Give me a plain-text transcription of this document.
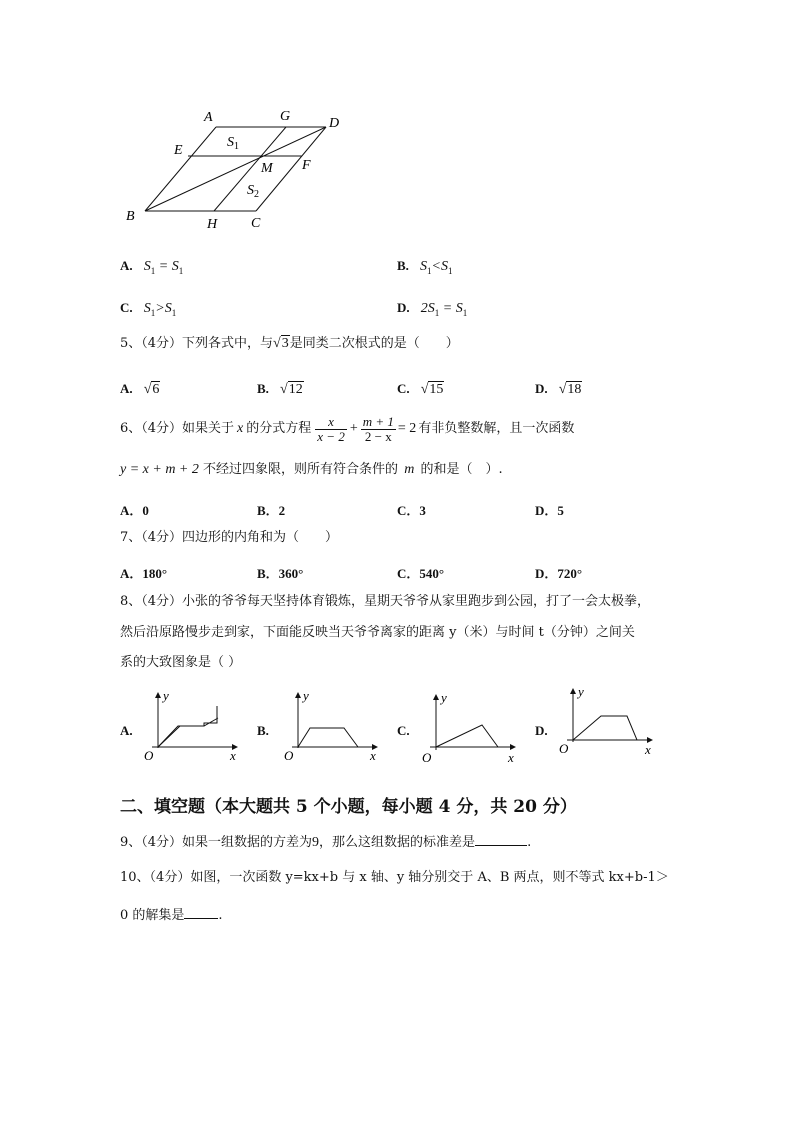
A	G	D
E
$S_1$
M F
$S_2$
B
H C
A. $S_1 = S_1$	B. $S_1<S_1$
C. $S_1>S_1$	D. $2S_1 = S_1$
5、（4分）下列各式中，与√3是同类二次根式的是（　　）
A. √6	B. √12	C. √15	D. √18
6、（4分）如果关于 x 的分式方程 $\frac{x}{x - 2} + \frac{m + 1}{2 - x} = 2$ 有非负整数解，且一次函数
y = x + m + 2 不经过四象限，则所有符合条件的 m 的和是（　）.
A．0	B．2	C．3	D．5
7、（4分）四边形的内角和为（　　）
A．180°	B．360°	C．540°	D．720°
8、（4分）小张的爷爷每天坚持体育锻炼，星期天爷爷从家里跑步到公园，打了一会太极拳，
然后沿原路慢步走到家，下面能反映当天爷爷离家的距离 y（米）与时间 t（分钟）之间关
系的大致图象是（ ）
A.
y
O	x
B.
y
O	x
C.
y
O	x
D.
y
O	x
二、填空题（本大题共 5 个小题，每小题 4 分，共 20 分）
9、（4分）如果一组数据的方差为9，那么这组数据的标准差是	.
10、（4分）如图，一次函数 y=kx+b 与 x 轴、y 轴分别交于 A、B 两点，则不等式 kx+b-1＞
0 的解集是	.
